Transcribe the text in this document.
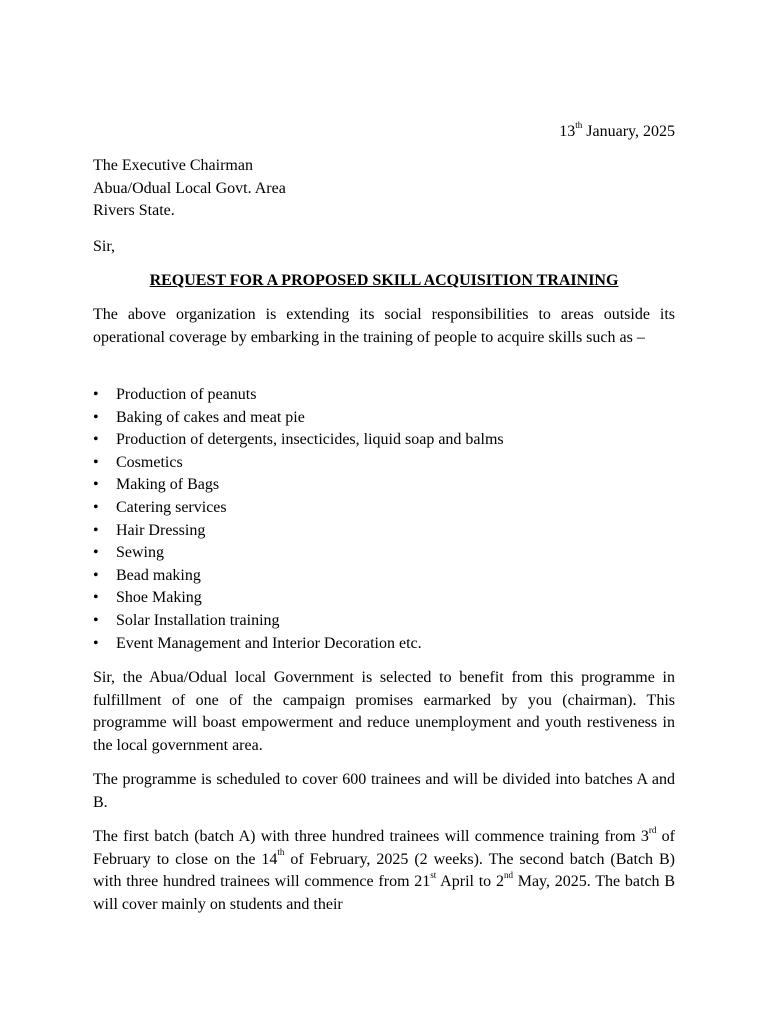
13th January, 2025
The Executive Chairman
Abua/Odual Local Govt. Area
Rivers State.
Sir,
REQUEST FOR A PROPOSED SKILL ACQUISITION TRAINING

The above organization is extending its social responsibilities to areas outside its operational coverage by embarking in the training of people to acquire skills such as –

• Production of peanuts
• Baking of cakes and meat pie
• Production of detergents, insecticides, liquid soap and balms
• Cosmetics
• Making of Bags
• Catering services
• Hair Dressing
• Sewing
• Bead making
• Shoe Making
• Solar Installation training
• Event Management and Interior Decoration etc.

Sir, the Abua/Odual local Government is selected to benefit from this programme in fulfillment of one of the campaign promises earmarked by you (chairman). This programme will boast empowerment and reduce unemployment and youth restiveness in the local government area.

The programme is scheduled to cover 600 trainees and will be divided into batches A and B.

The first batch (batch A) with three hundred trainees will commence training from 3rd of February to close on the 14th of February, 2025 (2 weeks). The second batch (Batch B) with three hundred trainees will commence from 21st April to 2nd May, 2025. The batch B will cover mainly on students and their
